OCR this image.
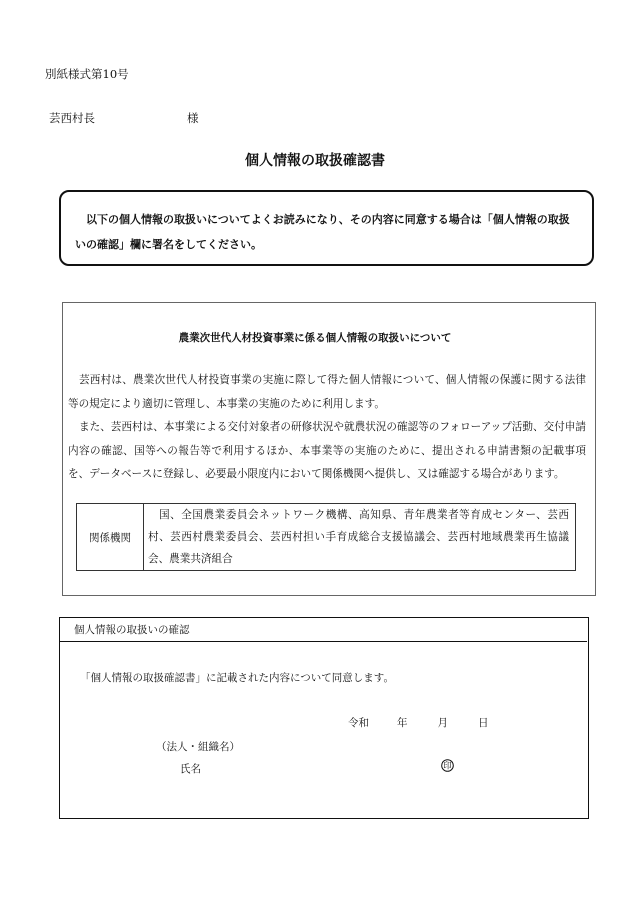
別紙様式第10号
芸西村長	様
個人情報の取扱確認書
以下の個人情報の取扱いについてよくお読みになり、その内容に同意する場合は「個人情報の取扱いの確認」欄に署名をしてください。
農業次世代人材投資事業に係る個人情報の取扱いについて

芸西村は、農業次世代人材投資事業の実施に際して得た個人情報について、個人情報の保護に関する法律等の規定により適切に管理し、本事業の実施のために利用します。

また、芸西村は、本事業による交付対象者の研修状況や就農状況の確認等のフォローアップ活動、交付申請内容の確認、国等への報告等で利用するほか、本事業等の実施のために、提出される申請書類の記載事項を、データベースに登録し、必要最小限度内において関係機関へ提供し、又は確認する場合があります。

関係機関	国、全国農業委員会ネットワーク機構、高知県、青年農業者等育成センター、芸西村、芸西村農業委員会、芸西村担い手育成総合支援協議会、芸西村地域農業再生協議会、農業共済組合
個人情報の取扱いの確認
「個人情報の取扱確認書」に記載された内容について同意します。
令和	年	月	日
（法人・組織名）
氏名	印
